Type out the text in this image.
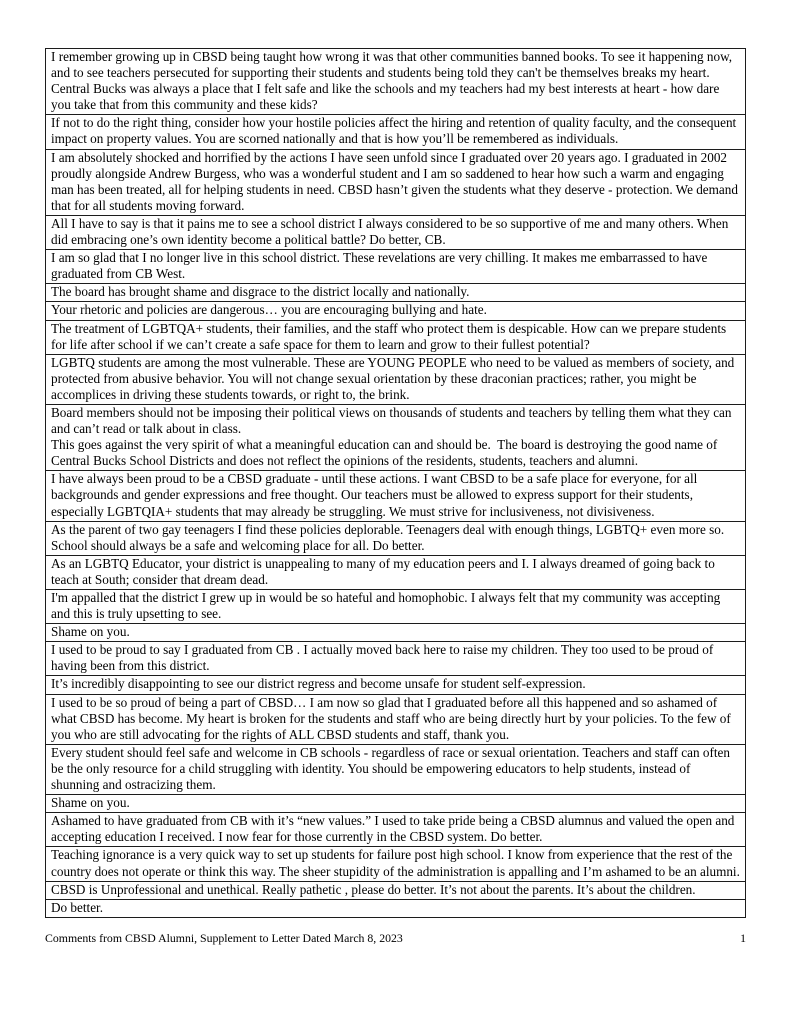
I remember growing up in CBSD being taught how wrong it was that other communities banned books. To see it happening now, and to see teachers persecuted for supporting their students and students being told they can't be themselves breaks my heart. Central Bucks was always a place that I felt safe and like the schools and my teachers had my best interests at heart - how dare you take that from this community and these kids?

If not to do the right thing, consider how your hostile policies affect the hiring and retention of quality faculty, and the consequent impact on property values. You are scorned nationally and that is how you’ll be remembered as individuals.

I am absolutely shocked and horrified by the actions I have seen unfold since I graduated over 20 years ago. I graduated in 2002 proudly alongside Andrew Burgess, who was a wonderful student and I am so saddened to hear how such a warm and engaging man has been treated, all for helping students in need. CBSD hasn’t given the students what they deserve - protection. We demand that for all students moving forward.

All I have to say is that it pains me to see a school district I always considered to be so supportive of me and many others. When did embracing one’s own identity become a political battle? Do better, CB.

I am so glad that I no longer live in this school district. These revelations are very chilling. It makes me embarrassed to have graduated from CB West.

The board has brought shame and disgrace to the district locally and nationally.

Your rhetoric and policies are dangerous… you are encouraging bullying and hate.

The treatment of LGBTQA+ students, their families, and the staff who protect them is despicable. How can we prepare students for life after school if we can’t create a safe space for them to learn and grow to their fullest potential?

LGBTQ students are among the most vulnerable. These are YOUNG PEOPLE who need to be valued as members of society, and protected from abusive behavior. You will not change sexual orientation by these draconian practices; rather, you might be accomplices in driving these students towards, or right to, the brink.

Board members should not be imposing their political views on thousands of students and teachers by telling them what they can and can’t read or talk about in class.
This goes against the very spirit of what a meaningful education can and should be.  The board is destroying the good name of Central Bucks School Districts and does not reflect the opinions of the residents, students, teachers and alumni.

I have always been proud to be a CBSD graduate - until these actions. I want CBSD to be a safe place for everyone, for all backgrounds and gender expressions and free thought. Our teachers must be allowed to express support for their students, especially LGBTQIA+ students that may already be struggling. We must strive for inclusiveness, not divisiveness.

As the parent of two gay teenagers I find these policies deplorable. Teenagers deal with enough things, LGBTQ+ even more so. School should always be a safe and welcoming place for all. Do better.

As an LGBTQ Educator, your district is unappealing to many of my education peers and I. I always dreamed of going back to teach at South; consider that dream dead.

I'm appalled that the district I grew up in would be so hateful and homophobic. I always felt that my community was accepting and this is truly upsetting to see.

Shame on you.

I used to be proud to say I graduated from CB . I actually moved back here to raise my children. They too used to be proud of having been from this district.

It’s incredibly disappointing to see our district regress and become unsafe for student self-expression.

I used to be so proud of being a part of CBSD… I am now so glad that I graduated before all this happened and so ashamed of what CBSD has become. My heart is broken for the students and staff who are being directly hurt by your policies. To the few of you who are still advocating for the rights of ALL CBSD students and staff, thank you.

Every student should feel safe and welcome in CB schools - regardless of race or sexual orientation. Teachers and staff can often be the only resource for a child struggling with identity. You should be empowering educators to help students, instead of shunning and ostracizing them.

Shame on you.

Ashamed to have graduated from CB with it’s “new values.” I used to take pride being a CBSD alumnus and valued the open and accepting education I received. I now fear for those currently in the CBSD system. Do better.

Teaching ignorance is a very quick way to set up students for failure post high school. I know from experience that the rest of the country does not operate or think this way. The sheer stupidity of the administration is appalling and I’m ashamed to be an alumni.

CBSD is Unprofessional and unethical. Really pathetic , please do better. It’s not about the parents. It’s about the children.

Do better.
Comments from CBSD Alumni, Supplement to Letter Dated March 8, 2023	1
